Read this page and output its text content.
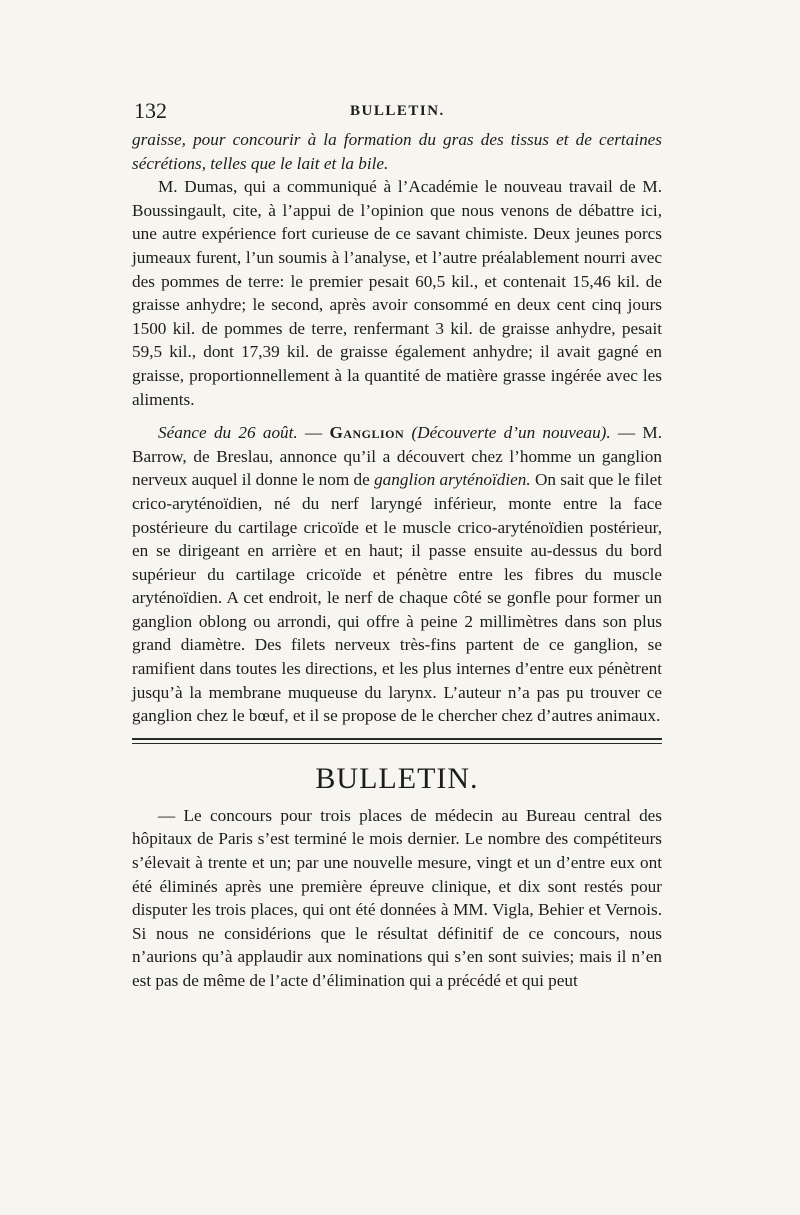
132	BULLETIN.

graisse, pour concourir à la formation du gras des tissus et de certaines sécrétions, telles que le lait et la bile.

M. Dumas, qui a communiqué à l’Académie le nouveau travail de M. Boussingault, cite, à l’appui de l’opinion que nous venons de débattre ici, une autre expérience fort curieuse de ce savant chimiste. Deux jeunes porcs jumeaux furent, l’un soumis à l’analyse, et l’autre préalablement nourri avec des pommes de terre: le premier pesait 60,5 kil., et contenait 15,46 kil. de graisse anhydre; le second, après avoir consommé en deux cent cinq jours 1500 kil. de pommes de terre, renfermant 3 kil. de graisse anhydre, pesait 59,5 kil., dont 17,39 kil. de graisse également anhydre; il avait gagné en graisse, proportionnellement à la quantité de matière grasse ingérée avec les aliments.

Séance du 26 août. — Ganglion (Découverte d’un nouveau). — M. Barrow, de Breslau, annonce qu’il a découvert chez l’homme un ganglion nerveux auquel il donne le nom de ganglion aryténoïdien. On sait que le filet crico-aryténoïdien, né du nerf laryngé inférieur, monte entre la face postérieure du cartilage cricoïde et le muscle crico-aryténoïdien postérieur, en se dirigeant en arrière et en haut; il passe ensuite au-dessus du bord supérieur du cartilage cricoïde et pénètre entre les fibres du muscle aryténoïdien. A cet endroit, le nerf de chaque côté se gonfle pour former un ganglion oblong ou arrondi, qui offre à peine 2 millimètres dans son plus grand diamètre. Des filets nerveux très-fins partent de ce ganglion, se ramifient dans toutes les directions, et les plus internes d’entre eux pénètrent jusqu’à la membrane muqueuse du larynx. L’auteur n’a pas pu trouver ce ganglion chez le bœuf, et il se propose de le chercher chez d’autres animaux.

BULLETIN.

— Le concours pour trois places de médecin au Bureau central des hôpitaux de Paris s’est terminé le mois dernier. Le nombre des compétiteurs s’élevait à trente et un; par une nouvelle mesure, vingt et un d’entre eux ont été éliminés après une première épreuve clinique, et dix sont restés pour disputer les trois places, qui ont été données à MM. Vigla, Behier et Vernois. Si nous ne considérions que le résultat définitif de ce concours, nous n’aurions qu’à applaudir aux nominations qui s’en sont suivies; mais il n’en est pas de même de l’acte d’élimination qui a précédé et qui peut
